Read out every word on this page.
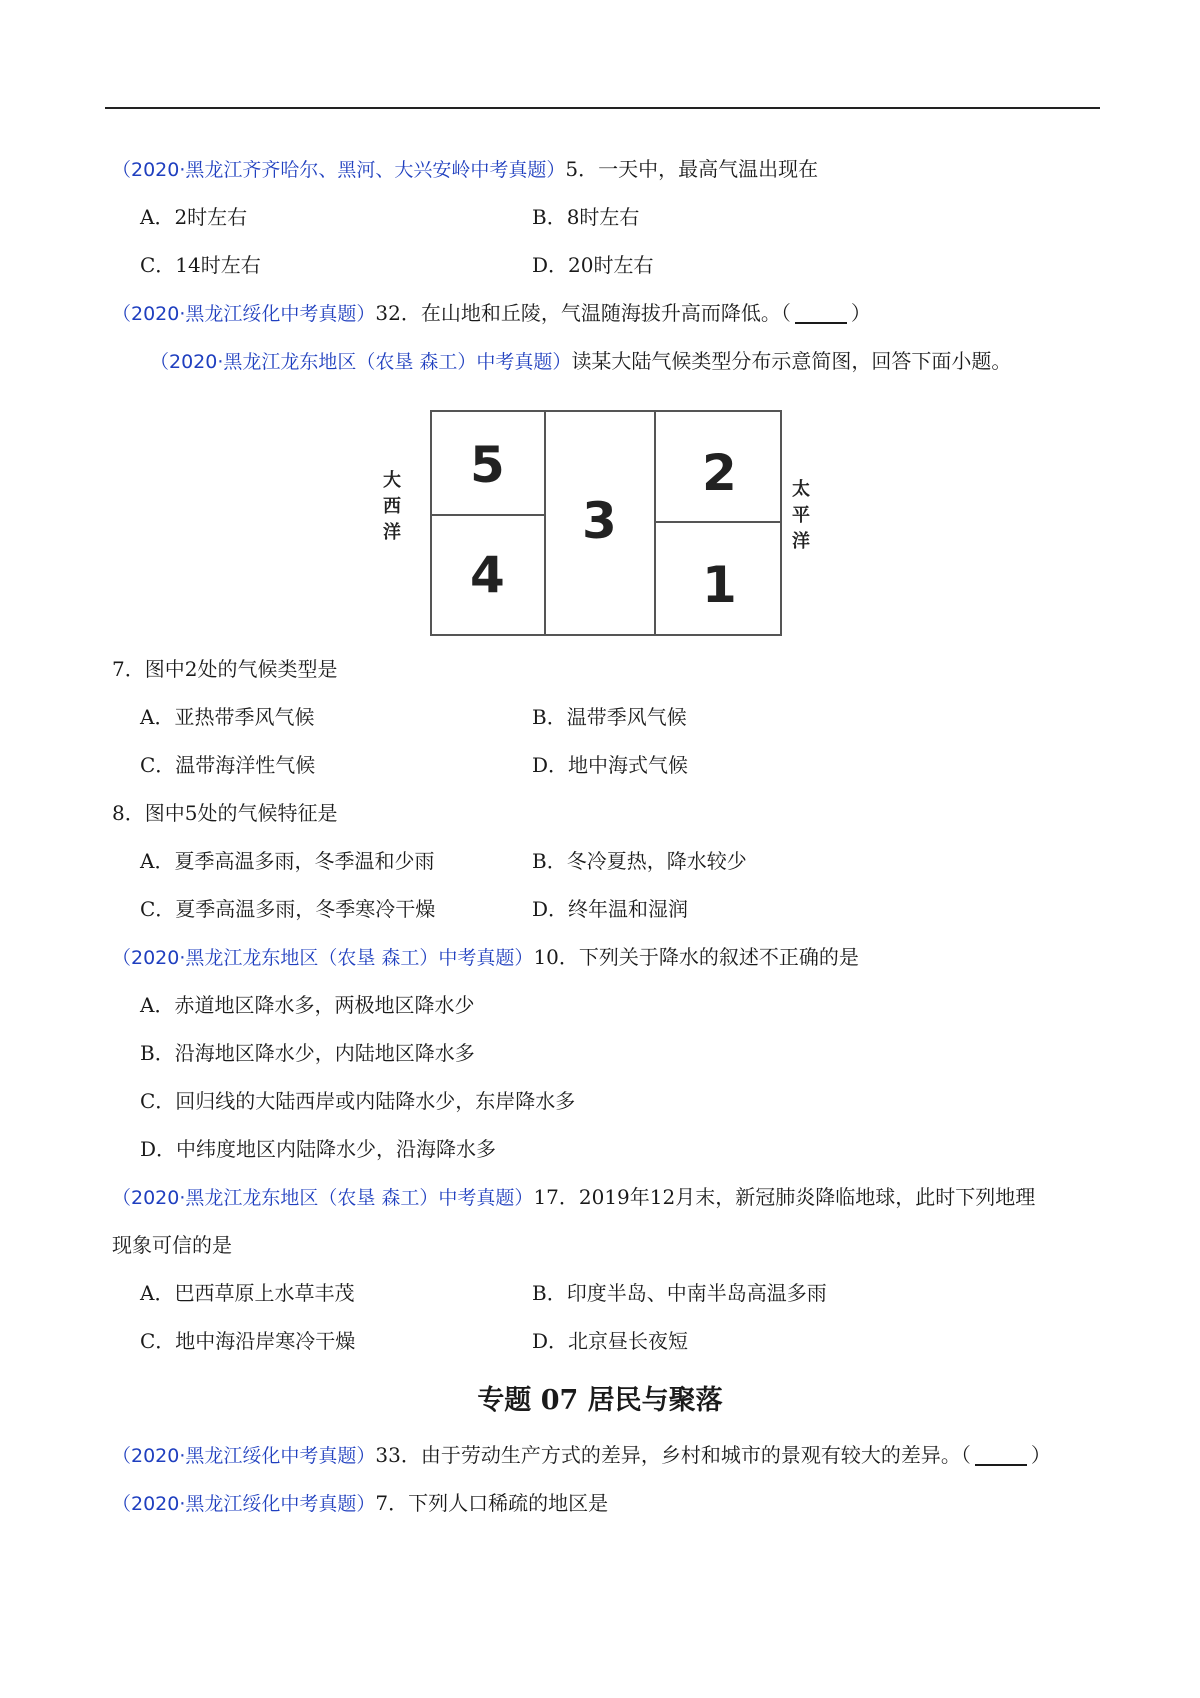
（2020·黑龙江齐齐哈尔、黑河、大兴安岭中考真题）5．一天中，最高气温出现在
A．2时左右	B．8时左右
C．14时左右	D．20时左右
（2020·黑龙江绥化中考真题）32．在山地和丘陵，气温随海拔升高而降低。（	）
（2020·黑龙江龙东地区（农垦 森工）中考真题）读某大陆气候类型分布示意简图，回答下面小题。
大西洋
太平洋
5
4
3
2
1
7．图中2处的气候类型是
A．亚热带季风气候	B．温带季风气候
C．温带海洋性气候	D．地中海式气候
8．图中5处的气候特征是
A．夏季高温多雨，冬季温和少雨	B．冬冷夏热，降水较少
C．夏季高温多雨，冬季寒冷干燥	D．终年温和湿润
（2020·黑龙江龙东地区（农垦 森工）中考真题）10．下列关于降水的叙述不正确的是
A．赤道地区降水多，两极地区降水少
B．沿海地区降水少，内陆地区降水多
C．回归线的大陆西岸或内陆降水少，东岸降水多
D．中纬度地区内陆降水少，沿海降水多
（2020·黑龙江龙东地区（农垦 森工）中考真题）17．2019年12月末，新冠肺炎降临地球，此时下列地理
现象可信的是
A．巴西草原上水草丰茂	B．印度半岛、中南半岛高温多雨
C．地中海沿岸寒冷干燥	D．北京昼长夜短
专题 07 居民与聚落
（2020·黑龙江绥化中考真题）33．由于劳动生产方式的差异，乡村和城市的景观有较大的差异。（	）
（2020·黑龙江绥化中考真题）7．下列人口稀疏的地区是
